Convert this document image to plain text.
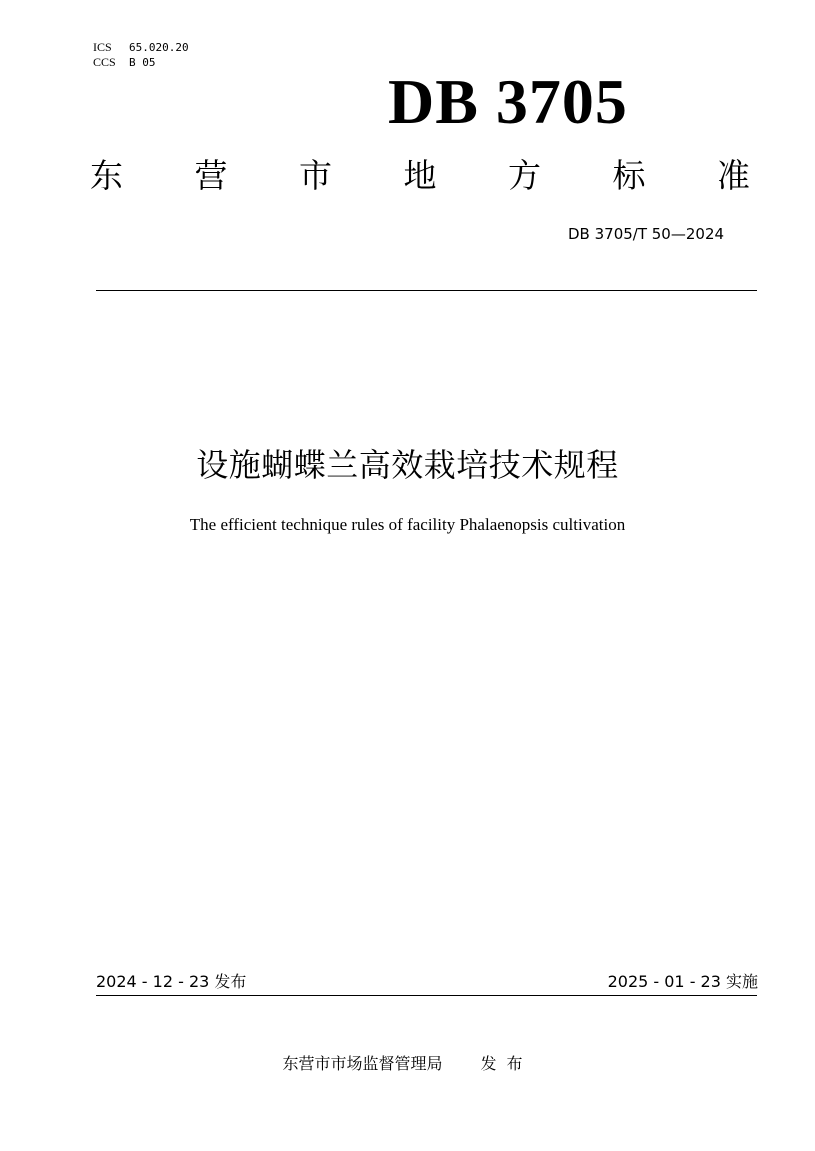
ICS 65.020.20
CCS B 05
DB 3705
东 营 市 地 方 标 准
DB 3705/T 50—2024
设施蝴蝶兰高效栽培技术规程
The efficient technique rules of facility Phalaenopsis cultivation
2024 - 12 - 23 发布	2025 - 01 - 23 实施
东营市市场监督管理局 发布
